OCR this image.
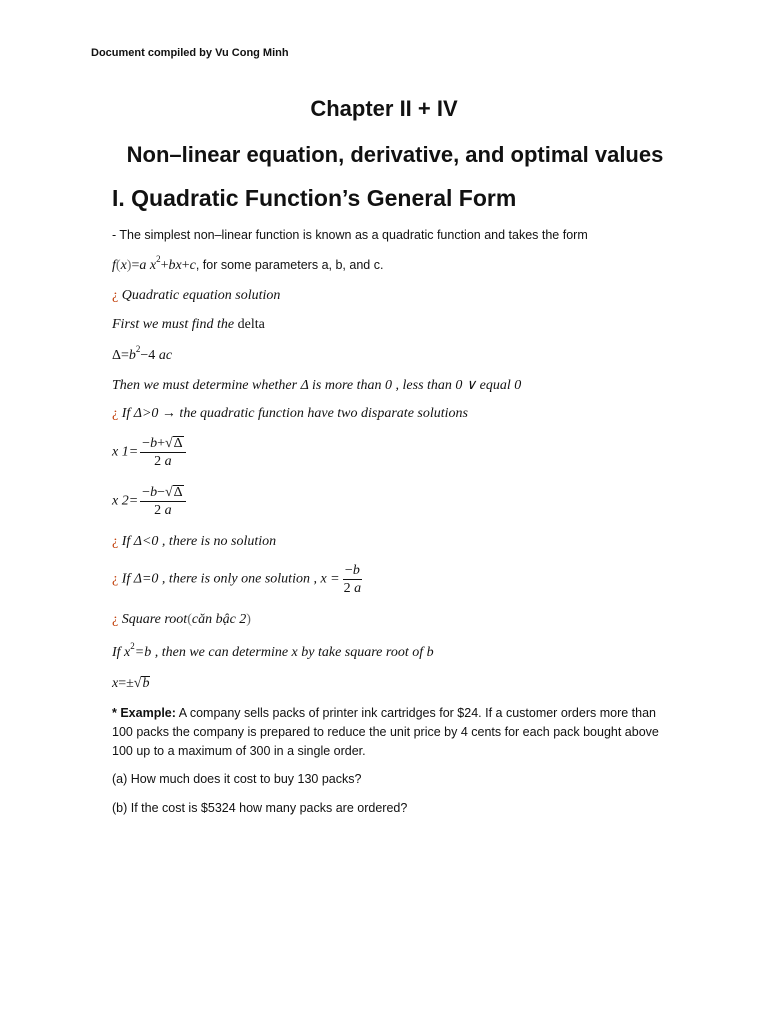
Document compiled by Vu Cong Minh
Chapter II + IV
Non–linear equation, derivative, and optimal values
I. Quadratic Function’s General Form
- The simplest non–linear function is known as a quadratic function and takes the form
f(x)=a $x^2+bx+c$, for some parameters a, b, and c.
¿ Quadratic equation solution
First we must find the delta
$\Delta=b^2-4$ ac
Then we must determine whether Δ is more than 0 , less than 0 ∨ equal 0
¿ If Δ>0 → the quadratic function have two disparate solutions
x $1= \frac{-b+√\Delta}{2 a}$
x $2= \frac{-b-√\Delta}{2 a}$
¿ If Δ<0 , there is no solution
¿ If Δ=0 , there is only one solution , $x = \frac{-b}{2 a}$
¿ Square root(căn bậc 2)
If $x^2=b$ , then we can determine x by take square root of b
x=±√b
* Example: A company sells packs of printer ink cartridges for $24. If a customer orders more than 100 packs the company is prepared to reduce the unit price by 4 cents for each pack bought above 100 up to a maximum of 300 in a single order.
(a) How much does it cost to buy 130 packs?
(b) If the cost is $5324 how many packs are ordered?
